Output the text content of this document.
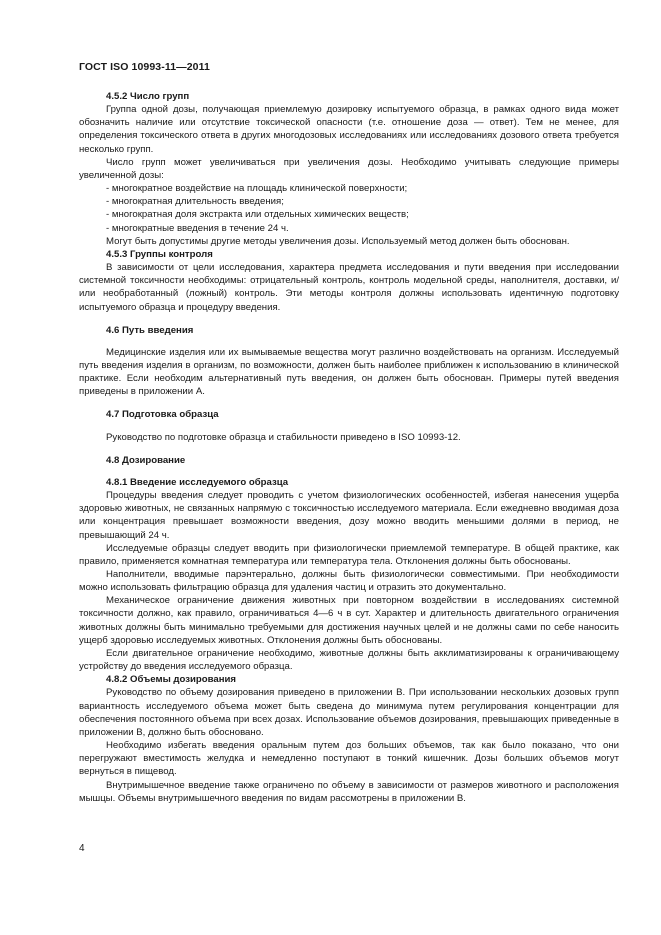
ГОСТ ISO 10993-11—2011

4.5.2 Число групп

Группа одной дозы, получающая приемлемую дозировку испытуемого образца, в рамках одного вида может обозначить наличие или отсутствие токсической опасности (т.е. отношение доза — ответ). Тем не менее, для определения токсического ответа в других многодозовых исследованиях или исследованиях дозового ответа требуется несколько групп.

Число групп может увеличиваться при увеличения дозы. Необходимо учитывать следующие примеры увеличенной дозы:

- многократное воздействие на площадь клинической поверхности;
- многократная длительность введения;
- многократная доля экстракта или отдельных химических веществ;
- многократные введения в течение 24 ч.

Могут быть допустимы другие методы увеличения дозы. Используемый метод должен быть обоснован.

4.5.3 Группы контроля

В зависимости от цели исследования, характера предмета исследования и пути введения при исследовании системной токсичности необходимы: отрицательный контроль, контроль модельной среды, наполнителя, доставки, и/или необработанный (ложный) контроль. Эти методы контроля должны использовать идентичную подготовку испытуемого образца и процедуру введения.

4.6 Путь введения

Медицинские изделия или их вымываемые вещества могут различно воздействовать на организм. Исследуемый путь введения изделия в организм, по возможности, должен быть наиболее приближен к использованию в клинической практике. Если необходим альтернативный путь введения, он должен быть обоснован. Примеры путей введения приведены в приложении А.

4.7 Подготовка образца

Руководство по подготовке образца и стабильности приведено в ISO 10993-12.

4.8 Дозирование

4.8.1 Введение исследуемого образца

Процедуры введения следует проводить с учетом физиологических особенностей, избегая нанесения ущерба здоровью животных, не связанных напрямую с токсичностью исследуемого материала. Если ежедневно вводимая доза или концентрация превышает возможности введения, дозу можно вводить меньшими долями в период, не превышающий 24 ч.

Исследуемые образцы следует вводить при физиологически приемлемой температуре. В общей практике, как правило, применяется комнатная температура или температура тела. Отклонения должны быть обоснованы.

Наполнители, вводимые парэнтерально, должны быть физиологически совместимыми. При необходимости можно использовать фильтрацию образца для удаления частиц и отразить это документально.

Механическое ограничение движения животных при повторном воздействии в исследованиях системной токсичности должно, как правило, ограничиваться 4—6 ч в сут. Характер и длительность двигательного ограничения животных должны быть минимально требуемыми для достижения научных целей и не должны сами по себе наносить ущерб здоровью исследуемых животных. Отклонения должны быть обоснованы.

Если двигательное ограничение необходимо, животные должны быть акклиматизированы к ограничивающему устройству до введения исследуемого образца.

4.8.2 Объемы дозирования

Руководство по объему дозирования приведено в приложении В. При использовании нескольких дозовых групп вариантность исследуемого объема может быть сведена до минимума путем регулирования концентрации для обеспечения постоянного объема при всех дозах. Использование объемов дозирования, превышающих приведенные в приложении В, должно быть обосновано.

Необходимо избегать введения оральным путем доз больших объемов, так как было показано, что они перегружают вместимость желудка и немедленно поступают в тонкий кишечник. Дозы больших объемов могут вернуться в пищевод.

Внутримышечное введение также ограничено по объему в зависимости от размеров животного и расположения мышцы. Объемы внутримышечного введения по видам рассмотрены в приложении В.

4
